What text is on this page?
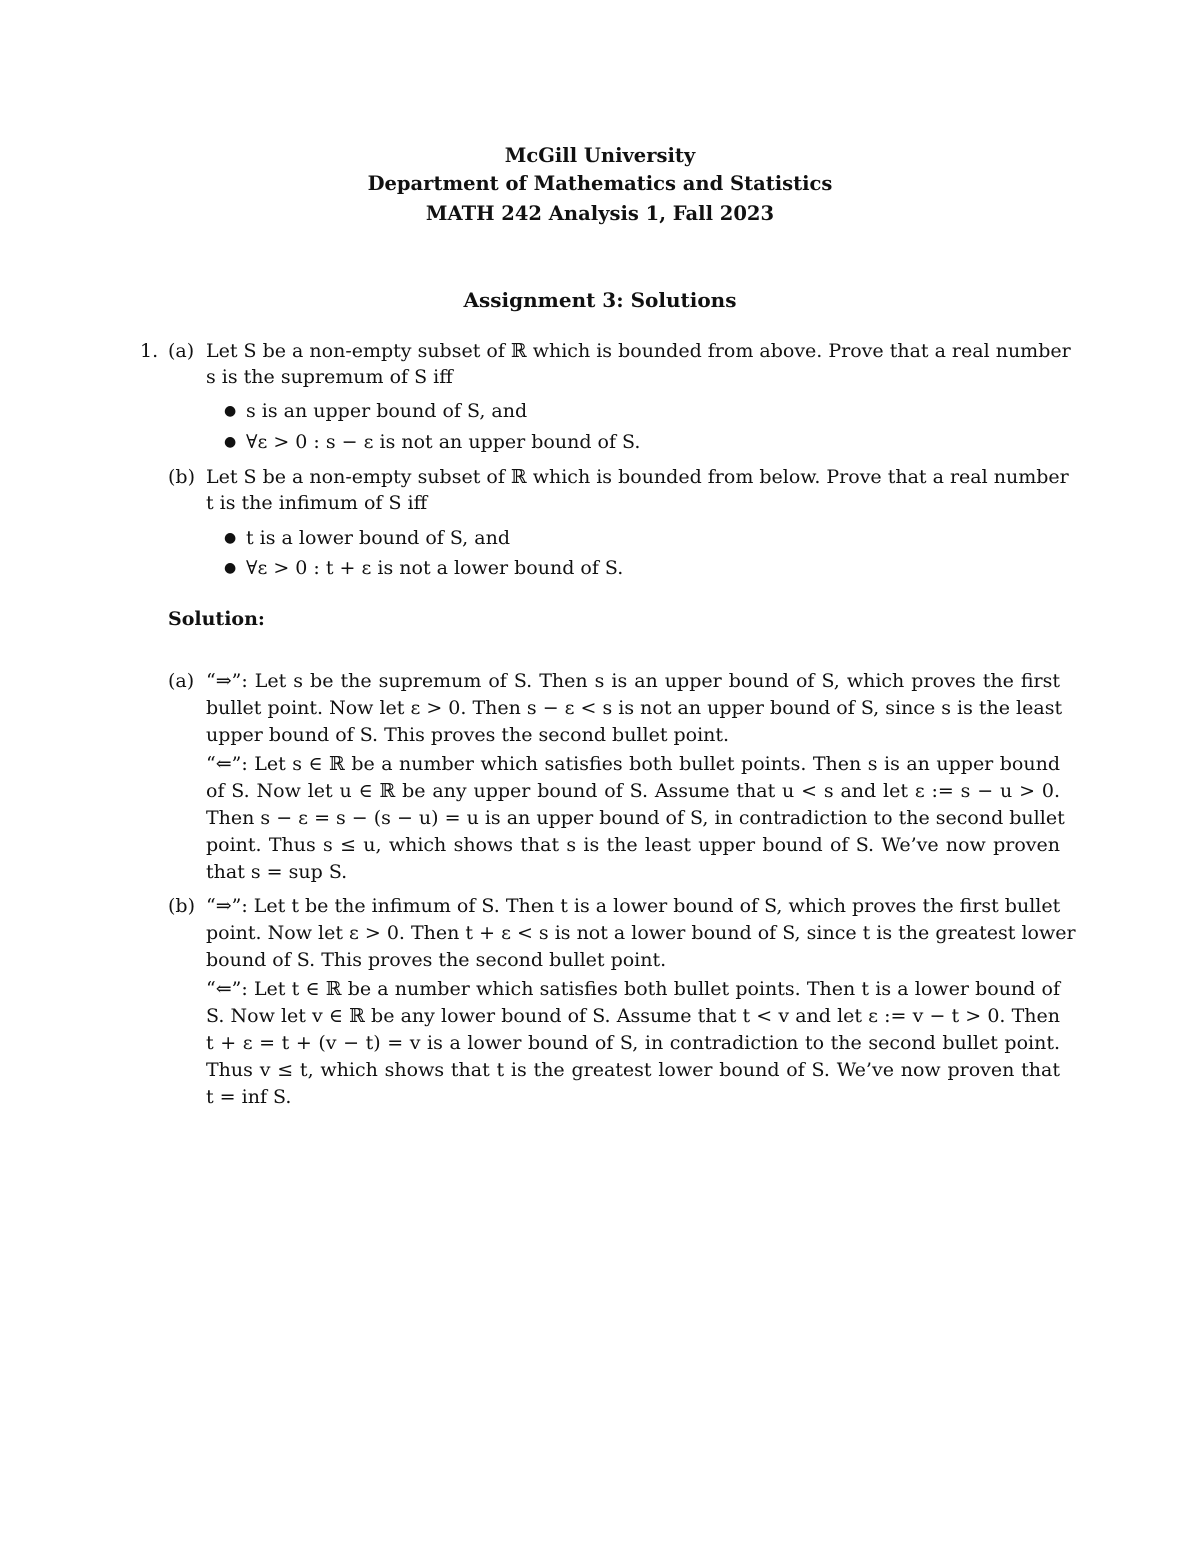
McGill University
Department of Mathematics and Statistics
MATH 242 Analysis 1, Fall 2023
Assignment 3: Solutions
1. (a) Let S be a non-empty subset of ℝ which is bounded from above. Prove that a real number
s is the supremum of S iff
● s is an upper bound of S, and
● ∀ε > 0 : s − ε is not an upper bound of S.
(b) Let S be a non-empty subset of ℝ which is bounded from below. Prove that a real number
t is the infimum of S iff
● t is a lower bound of S, and
● ∀ε > 0 : t + ε is not a lower bound of S.
Solution:
(a) “⇒”: Let s be the supremum of S. Then s is an upper bound of S, which proves the first
bullet point. Now let ε > 0. Then s − ε < s is not an upper bound of S, since s is the least
upper bound of S. This proves the second bullet point.
“⇐”: Let s ∈ ℝ be a number which satisfies both bullet points. Then s is an upper bound
of S. Now let u ∈ ℝ be any upper bound of S. Assume that u < s and let ε := s − u > 0.
Then s − ε = s − (s − u) = u is an upper bound of S, in contradiction to the second bullet
point. Thus s ≤ u, which shows that s is the least upper bound of S. We’ve now proven
that s = sup S.
(b) “⇒”: Let t be the infimum of S. Then t is a lower bound of S, which proves the first bullet
point. Now let ε > 0. Then t + ε < s is not a lower bound of S, since t is the greatest lower
bound of S. This proves the second bullet point.
“⇐”: Let t ∈ ℝ be a number which satisfies both bullet points. Then t is a lower bound of
S. Now let v ∈ ℝ be any lower bound of S. Assume that t < v and let ε := v − t > 0. Then
t + ε = t + (v − t) = v is a lower bound of S, in contradiction to the second bullet point.
Thus v ≤ t, which shows that t is the greatest lower bound of S. We’ve now proven that
t = inf S.
